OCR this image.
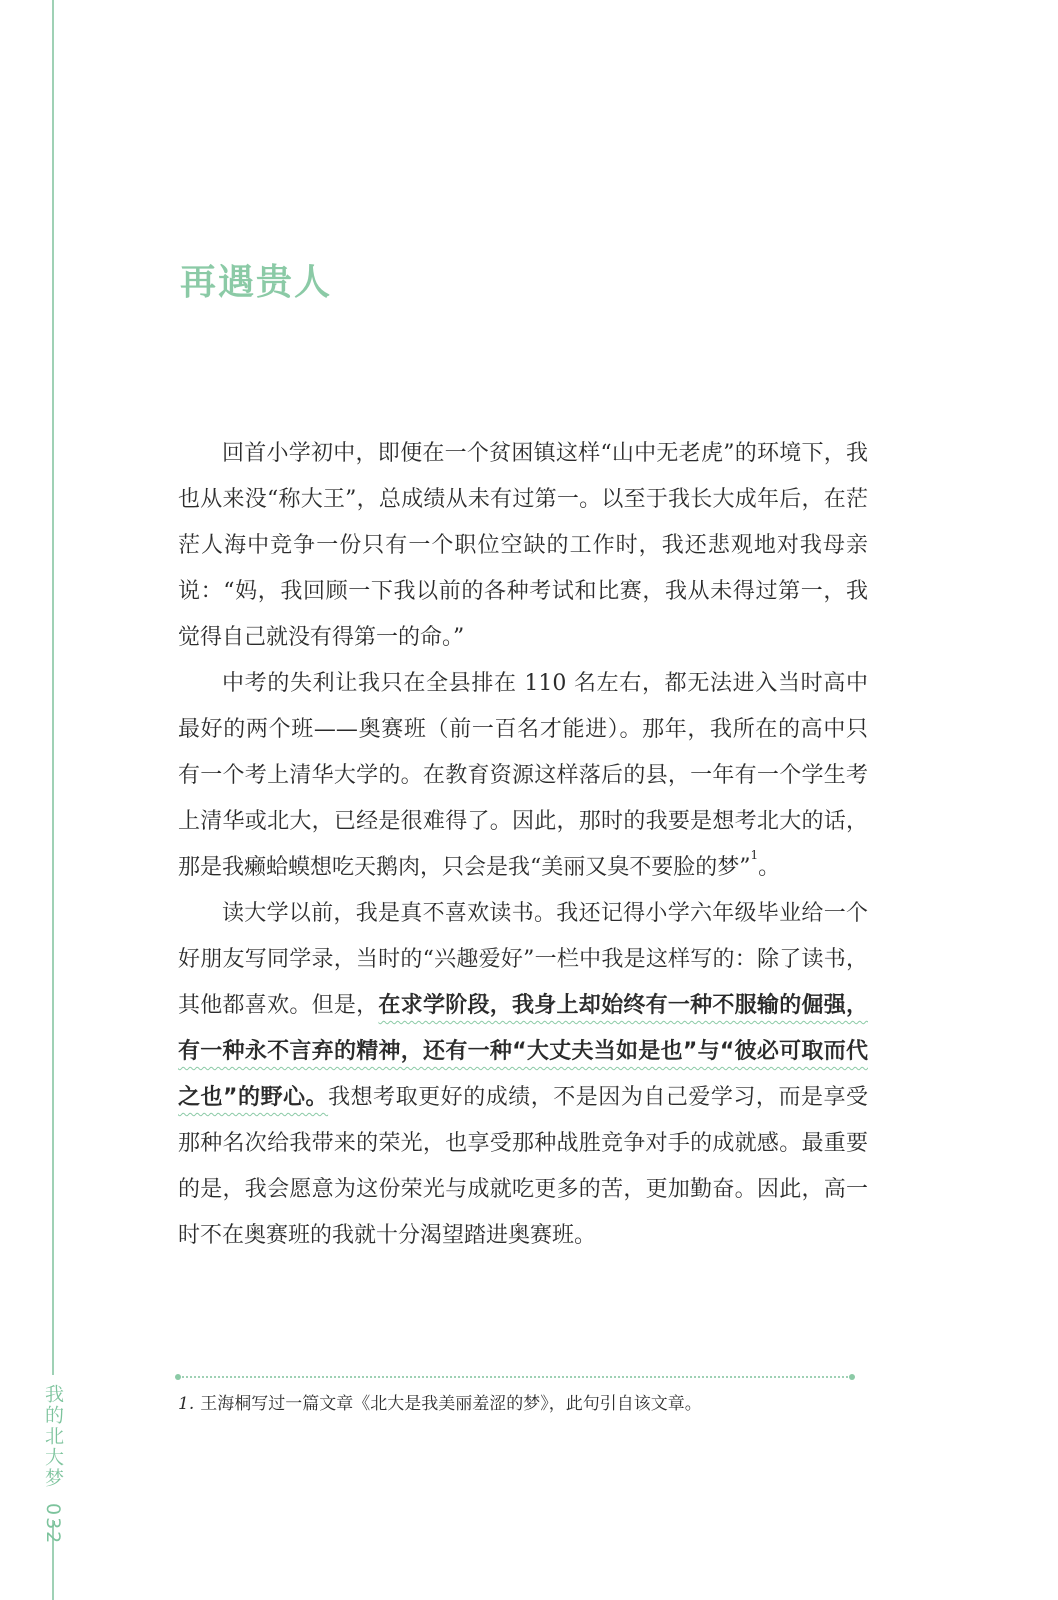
我的北大梦032
再遇贵人

回首小学初中，即便在一个贫困镇这样“山中无老虎”的环境下，我也从来没“称大王”，总成绩从未有过第一。以至于我长大成年后，在茫茫人海中竞争一份只有一个职位空缺的工作时，我还悲观地对我母亲说：“妈，我回顾一下我以前的各种考试和比赛，我从未得过第一，我觉得自己就没有得第一的命。”

中考的失利让我只在全县排在 110 名左右，都无法进入当时高中最好的两个班——奥赛班（前一百名才能进）。那年，我所在的高中只有一个考上清华大学的。在教育资源这样落后的县，一年有一个学生考上清华或北大，已经是很难得了。因此，那时的我要是想考北大的话，那是我癞蛤蟆想吃天鹅肉，只会是我“美丽又臭不要脸的梦”$^1$。

读大学以前，我是真不喜欢读书。我还记得小学六年级毕业给一个好朋友写同学录，当时的“兴趣爱好”一栏中我是这样写的：除了读书，其他都喜欢。但是，在求学阶段，我身上却始终有一种不服输的倔强，有一种永不言弃的精神，还有一种“大丈夫当如是也”与“彼必可取而代之也”的野心。我想考取更好的成绩，不是因为自己爱学习，而是享受那种名次给我带来的荣光，也享受那种战胜竞争对手的成就感。最重要的是，我会愿意为这份荣光与成就吃更多的苦，更加勤奋。因此，高一时不在奥赛班的我就十分渴望踏进奥赛班。

1. 王海桐写过一篇文章《北大是我美丽羞涩的梦》，此句引自该文章。
